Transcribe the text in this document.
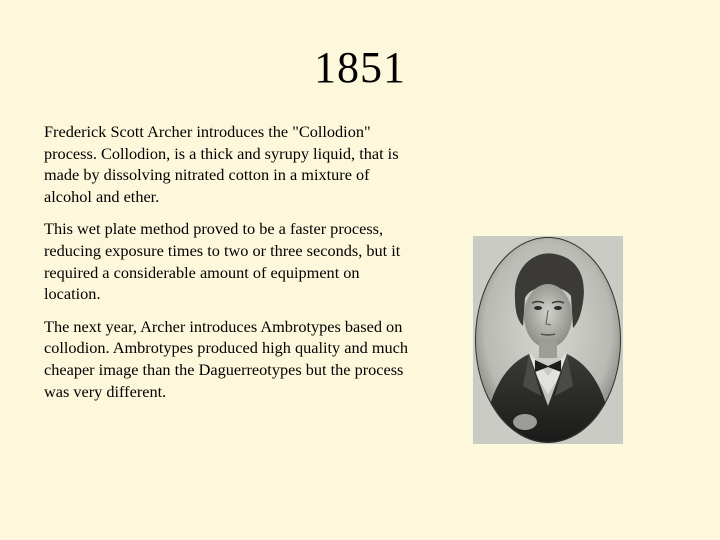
1851

Frederick Scott Archer introduces the "Collodion" process. Collodion, is a thick and syrupy liquid, that is made by dissolving nitrated cotton in a mixture of alcohol and ether.

This wet plate method proved to be a faster process, reducing exposure times to two or three seconds, but it required a considerable amount of equipment on location.

The next year, Archer introduces Ambrotypes based on collodion. Ambrotypes produced high quality and much cheaper image than the Daguerreotypes but the process was very different.
